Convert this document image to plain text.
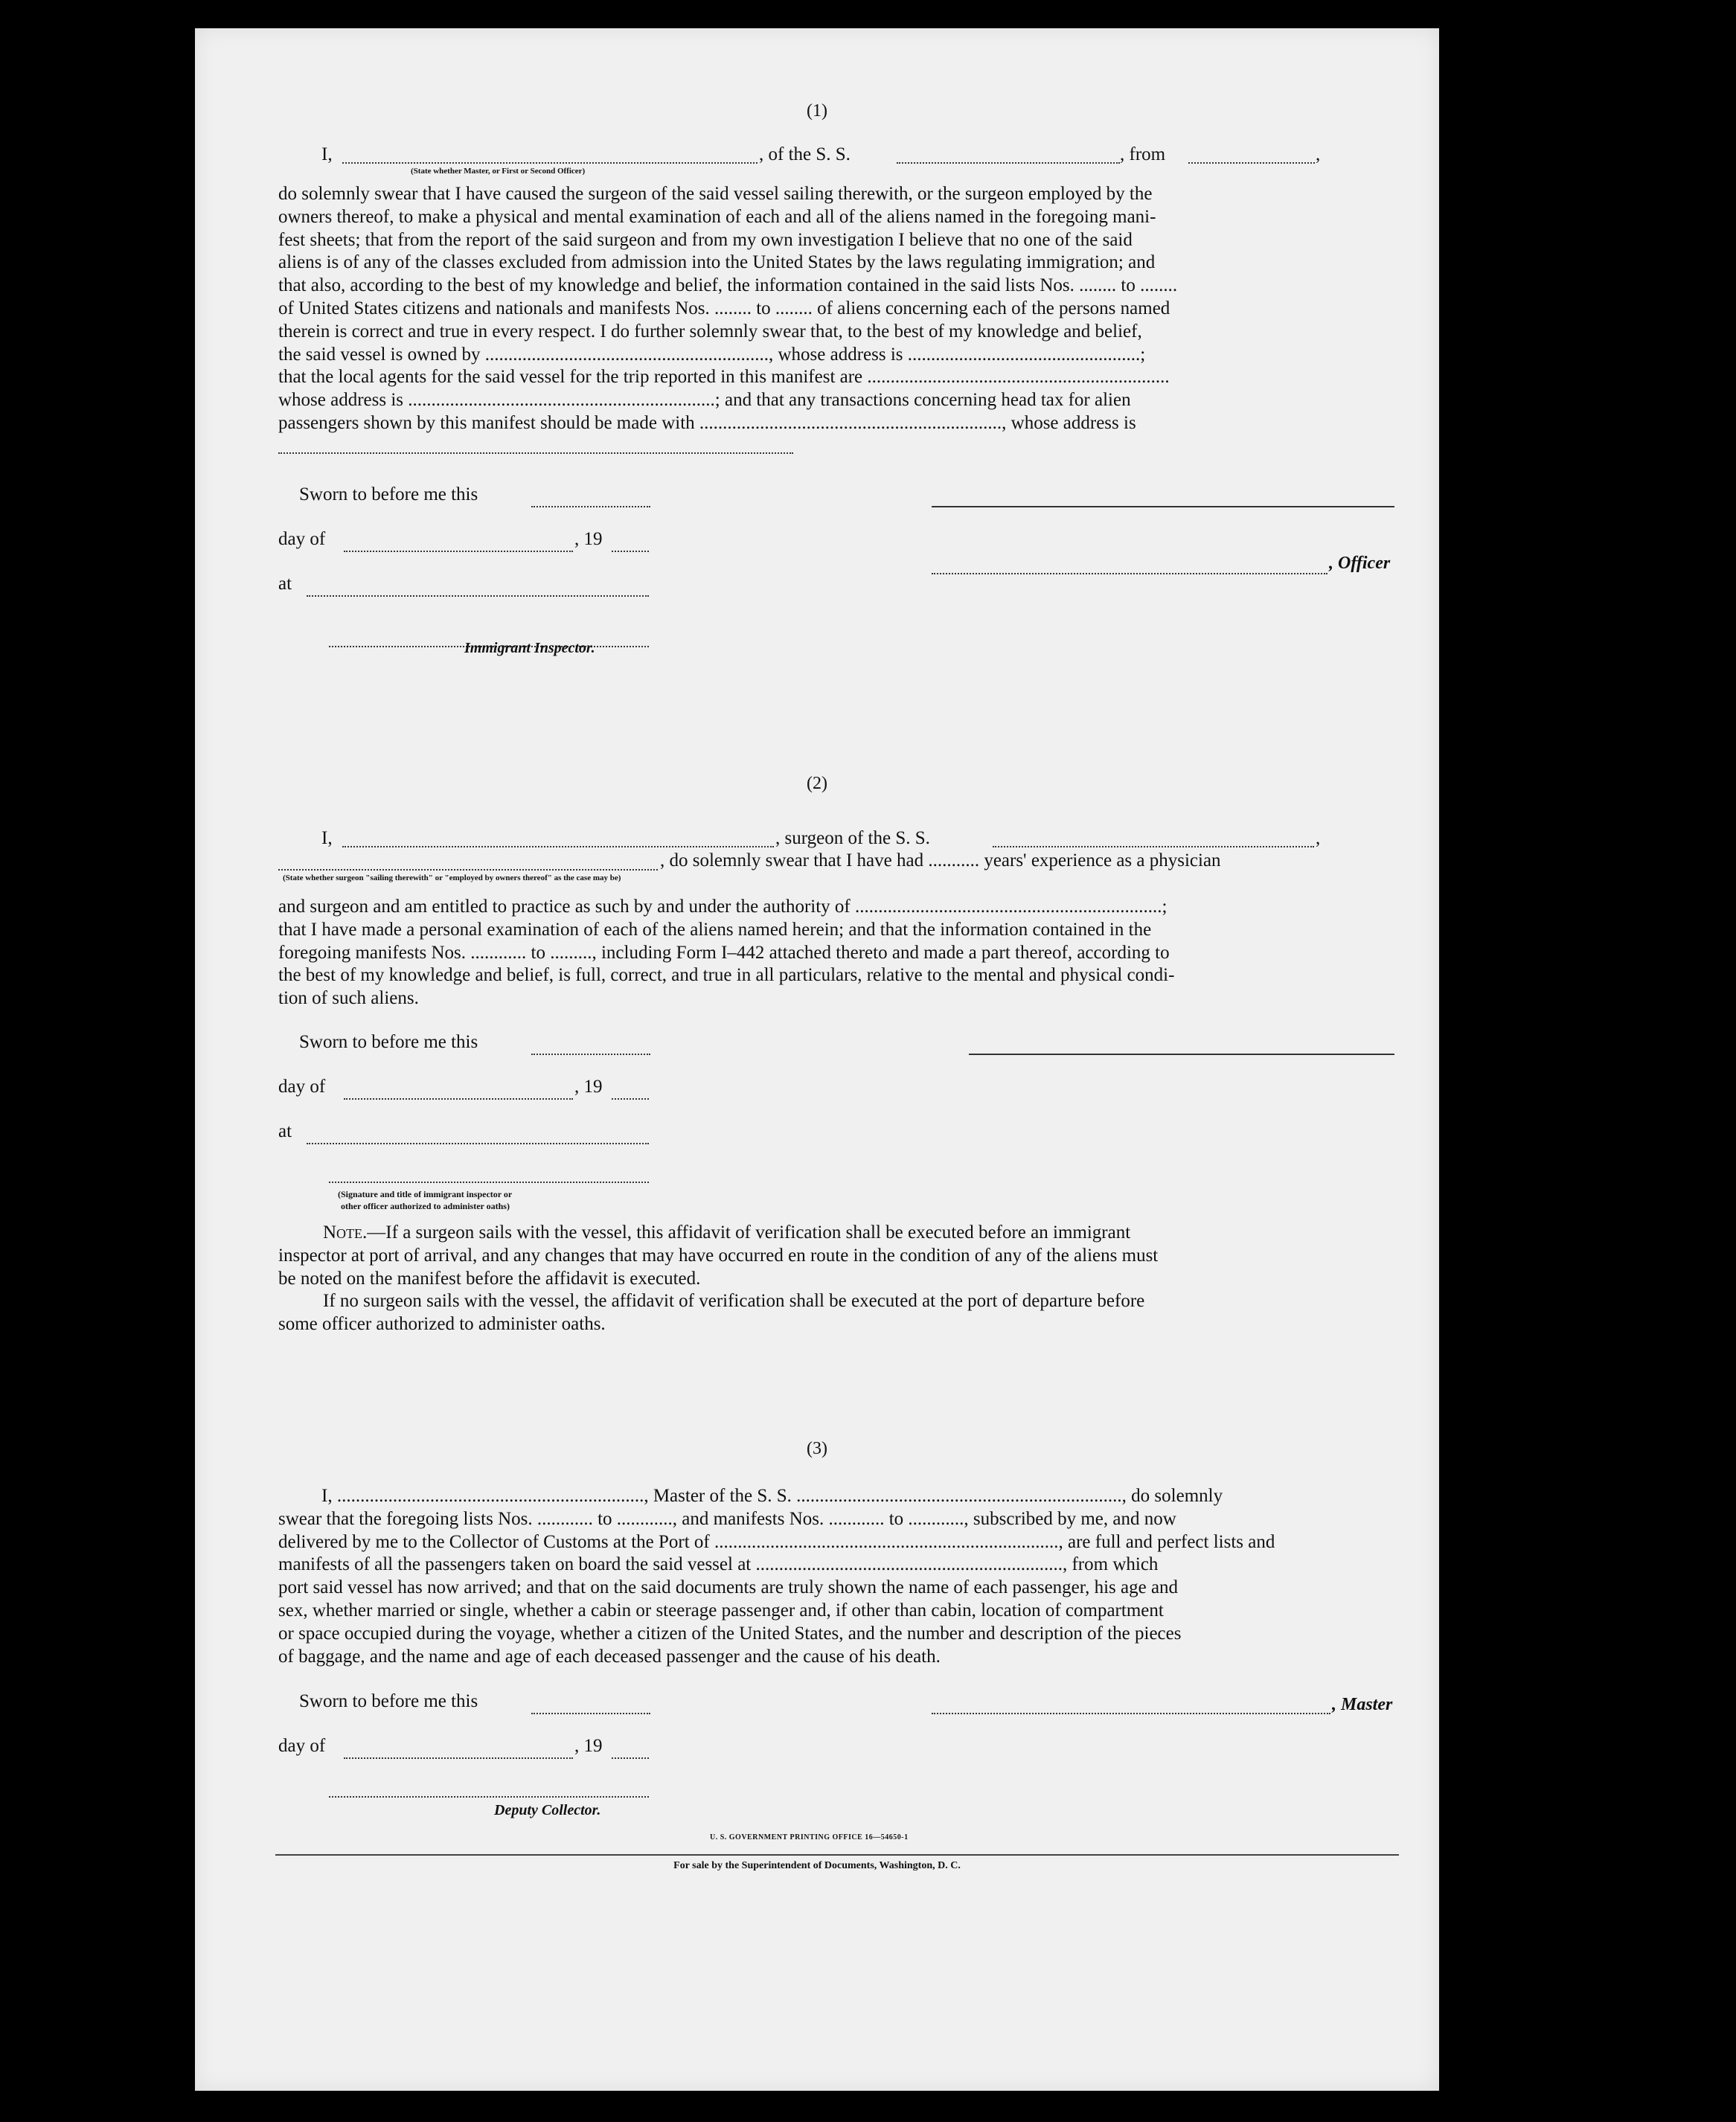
(1)
I,	, of the S. S.	, from	,
(State whether Master, or First or Second Officer)
do solemnly swear that I have caused the surgeon of the said vessel sailing therewith, or the surgeon employed by the
owners thereof, to make a physical and mental examination of each and all of the aliens named in the foregoing mani-
fest sheets; that from the report of the said surgeon and from my own investigation I believe that no one of the said
aliens is of any of the classes excluded from admission into the United States by the laws regulating immigration; and
that also, according to the best of my knowledge and belief, the information contained in the said lists Nos. ........ to ........
of United States citizens and nationals and manifests Nos. ........ to ........ of aliens concerning each of the persons named
therein is correct and true in every respect. I do further solemnly swear that, to the best of my knowledge and belief,
the said vessel is owned by ............................................................., whose address is ..................................................;
that the local agents for the said vessel for the trip reported in this manifest are .................................................................
whose address is ..................................................................; and that any transactions concerning head tax for alien
passengers shown by this manifest should be made with ................................................................., whose address is
Sworn to before me this
day of	, 19
, Officer
at
Immigrant Inspector.
(2)
I,	, surgeon of the S. S.	,
, do solemnly swear that I have had ........... years' experience as a physician
(State whether surgeon "sailing therewith" or "employed by owners thereof" as the case may be)
and surgeon and am entitled to practice as such by and under the authority of ..................................................................;
that I have made a personal examination of each of the aliens named herein; and that the information contained in the
foregoing manifests Nos. ............ to ........., including Form I–442 attached thereto and made a part thereof, according to
the best of my knowledge and belief, is full, correct, and true in all particulars, relative to the mental and physical condi-
tion of such aliens.
Sworn to before me this
day of	, 19
at
(Signature and title of immigrant inspector or
other officer authorized to administer oaths)
Note.—If a surgeon sails with the vessel, this affidavit of verification shall be executed before an immigrant
inspector at port of arrival, and any changes that may have occurred en route in the condition of any of the aliens must
be noted on the manifest before the affidavit is executed.
If no surgeon sails with the vessel, the affidavit of verification shall be executed at the port of departure before
some officer authorized to administer oaths.
(3)
I, .................................................................., Master of the S. S. ......................................................................, do solemnly
swear that the foregoing lists Nos. ............ to ............, and manifests Nos. ............ to ............, subscribed by me, and now
delivered by me to the Collector of Customs at the Port of .........................................................................., are full and perfect lists and
manifests of all the passengers taken on board the said vessel at .................................................................., from which
port said vessel has now arrived; and that on the said documents are truly shown the name of each passenger, his age and
sex, whether married or single, whether a cabin or steerage passenger and, if other than cabin, location of compartment
or space occupied during the voyage, whether a citizen of the United States, and the number and description of the pieces
of baggage, and the name and age of each deceased passenger and the cause of his death.
Sworn to before me this	, Master
day of	, 19
Deputy Collector.
U. S. GOVERNMENT PRINTING OFFICE 16—54650-1
For sale by the Superintendent of Documents, Washington, D. C.
